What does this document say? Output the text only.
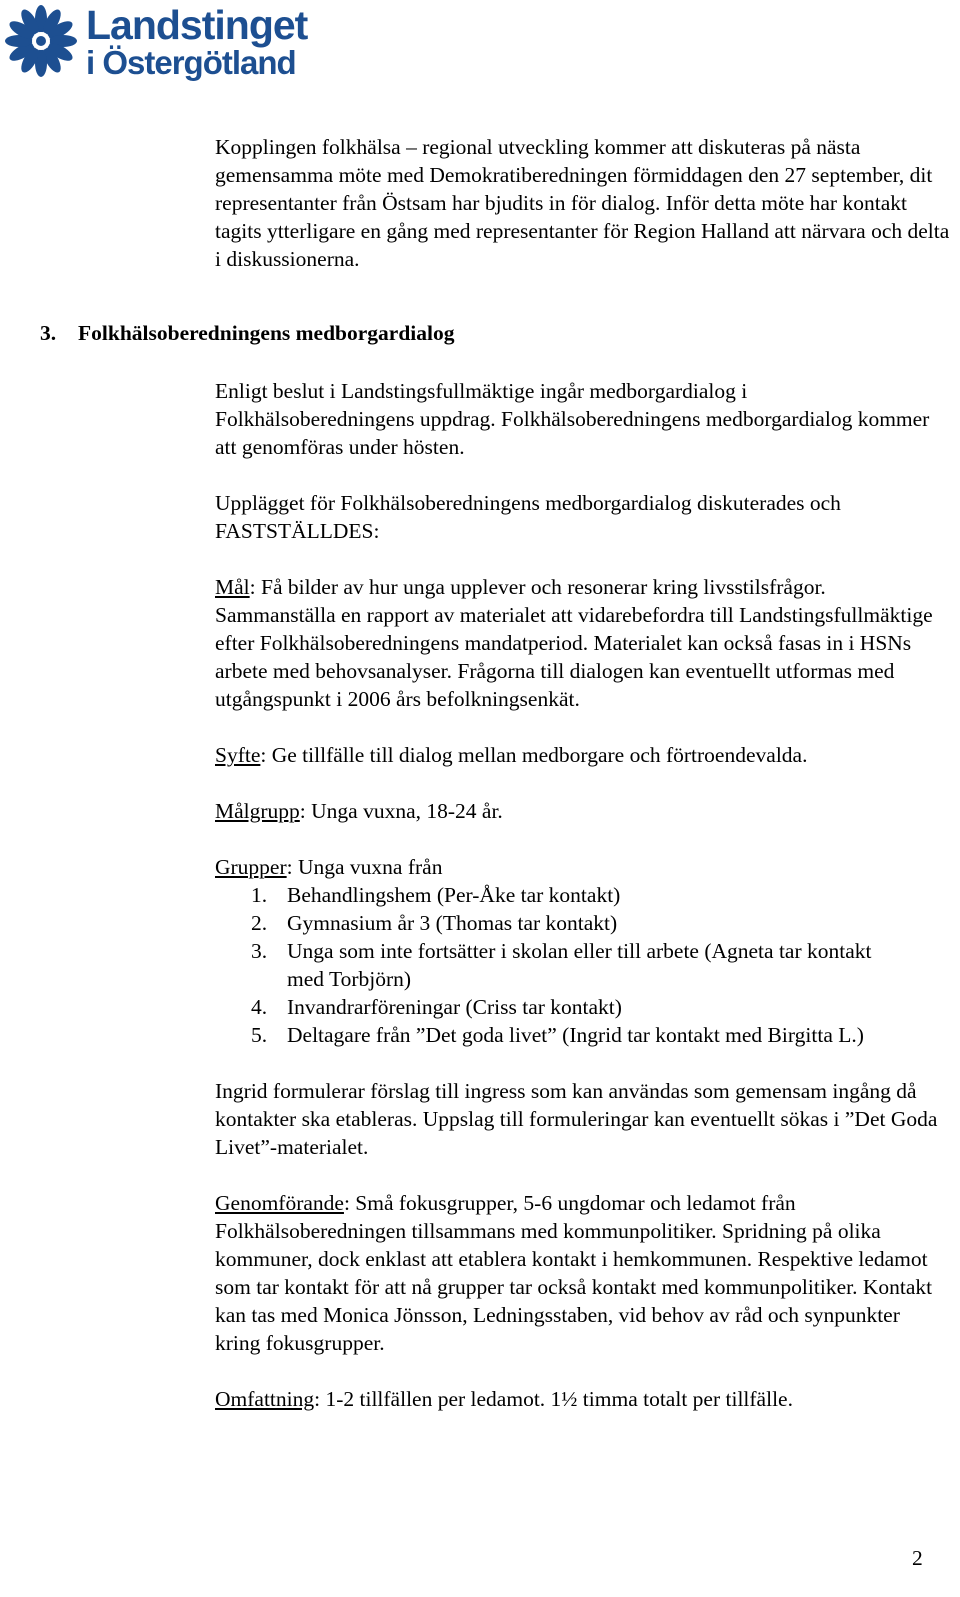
Landstinget
i Östergötland
3. Folkhälsoberedningens medborgardialog

Kopplingen folkhälsa – regional utveckling kommer att diskuteras på nästa gemensamma möte med Demokratiberedningen förmiddagen den 27 september, dit representanter från Östsam har bjudits in för dialog. Inför detta möte har kontakt tagits ytterligare en gång med representanter för Region Halland att närvara och delta i diskussionerna.

Enligt beslut i Landstingsfullmäktige ingår medborgardialog i Folkhälsoberedningens uppdrag. Folkhälsoberedningens medborgardialog kommer att genomföras under hösten.

Upplägget för Folkhälsoberedningens medborgardialog diskuterades och FASTSTÄLLDES:

Mål: Få bilder av hur unga upplever och resonerar kring livsstilsfrågor. Sammanställa en rapport av materialet att vidarebefordra till Landstingsfullmäktige efter Folkhälsoberedningens mandatperiod. Materialet kan också fasas in i HSNs arbete med behovsanalyser. Frågorna till dialogen kan eventuellt utformas med utgångspunkt i 2006 års befolkningsenkät.

Syfte: Ge tillfälle till dialog mellan medborgare och förtroendevalda.

Målgrupp: Unga vuxna, 18-24 år.

Grupper: Unga vuxna från

1. Behandlingshem (Per-Åke tar kontakt)
2. Gymnasium år 3 (Thomas tar kontakt)
3. Unga som inte fortsätter i skolan eller till arbete (Agneta tar kontakt med Torbjörn)
4. Invandrarföreningar (Criss tar kontakt)
5. Deltagare från ”Det goda livet” (Ingrid tar kontakt med Birgitta L.)

Ingrid formulerar förslag till ingress som kan användas som gemensam ingång då kontakter ska etableras. Uppslag till formuleringar kan eventuellt sökas i ”Det Goda Livet”-materialet.

Genomförande: Små fokusgrupper, 5-6 ungdomar och ledamot från Folkhälsoberedningen tillsammans med kommunpolitiker. Spridning på olika kommuner, dock enklast att etablera kontakt i hemkommunen. Respektive ledamot som tar kontakt för att nå grupper tar också kontakt med kommunpolitiker. Kontakt kan tas med Monica Jönsson, Ledningsstaben, vid behov av råd och synpunkter kring fokusgrupper.

Omfattning: 1-2 tillfällen per ledamot. 1½ timma totalt per tillfälle.

2
